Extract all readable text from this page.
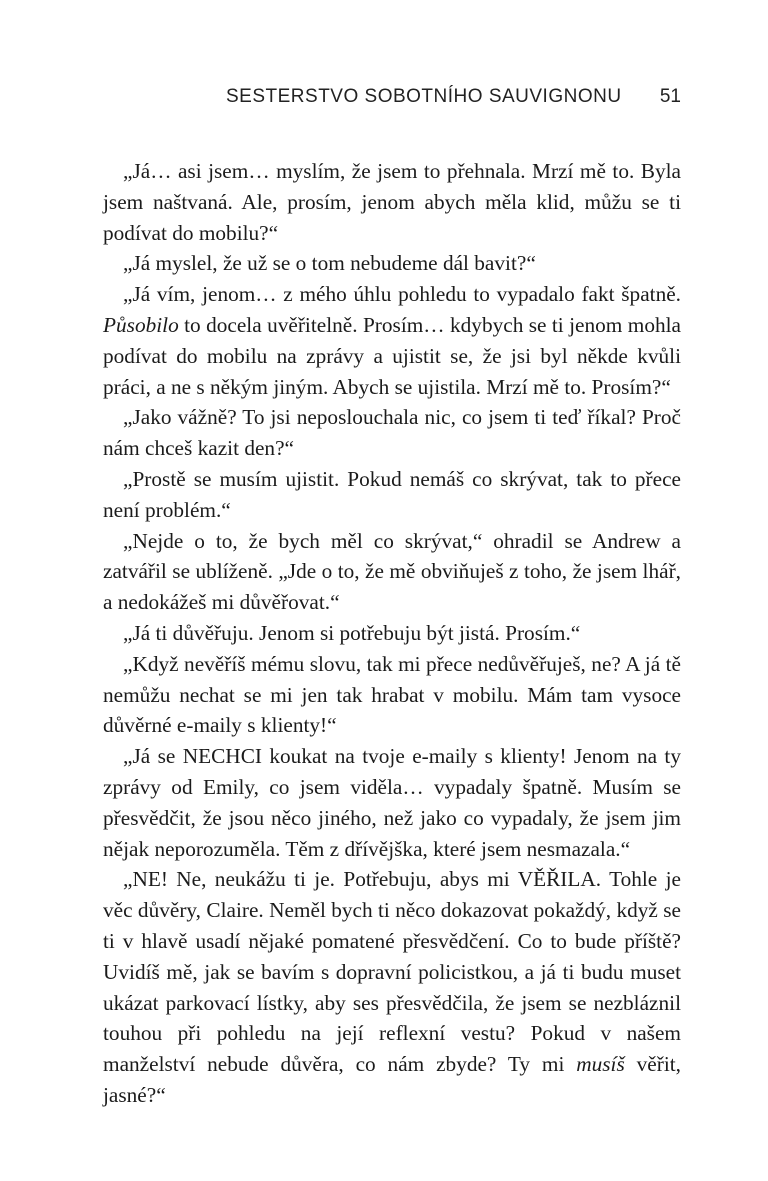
SESTERSTVO SOBOTNÍHO SAUVIGNONU 51

„Já… asi jsem… myslím, že jsem to přehnala. Mrzí mě to. Byla jsem naštvaná. Ale, prosím, jenom abych měla klid, můžu se ti podívat do mobilu?“

„Já myslel, že už se o tom nebudeme dál bavit?“

„Já vím, jenom… z mého úhlu pohledu to vypadalo fakt špatně. Působilo to docela uvěřitelně. Prosím… kdybych se ti jenom mohla podívat do mobilu na zprávy a ujistit se, že jsi byl někde kvůli práci, a ne s někým jiným. Abych se ujistila. Mrzí mě to. Prosím?“

„Jako vážně? To jsi neposlouchala nic, co jsem ti teď říkal? Proč nám chceš kazit den?“

„Prostě se musím ujistit. Pokud nemáš co skrývat, tak to přece není problém.“

„Nejde o to, že bych měl co skrývat,“ ohradil se Andrew a zatvářil se ublíženě. „Jde o to, že mě obviňuješ z toho, že jsem lhář, a nedokážeš mi důvěřovat.“

„Já ti důvěřuju. Jenom si potřebuju být jistá. Prosím.“

„Když nevěříš mému slovu, tak mi přece nedůvěřuješ, ne? A já tě nemůžu nechat se mi jen tak hrabat v mobilu. Mám tam vysoce důvěrné e-maily s klienty!“

„Já se NECHCI koukat na tvoje e-maily s klienty! Jenom na ty zprávy od Emily, co jsem viděla… vypadaly špatně. Musím se přesvědčit, že jsou něco jiného, než jako co vypadaly, že jsem jim nějak neporozuměla. Těm z dřívějška, které jsem nesmazala.“

„NE! Ne, neukážu ti je. Potřebuju, abys mi VĚŘILA. Tohle je věc důvěry, Claire. Neměl bych ti něco dokazovat pokaždý, když se ti v hlavě usadí nějaké pomatené přesvědčení. Co to bude příště? Uvidíš mě, jak se bavím s dopravní policistkou, a já ti budu muset ukázat parkovací lístky, aby ses přesvědčila, že jsem se nezbláznil touhou při pohledu na její reflexní vestu? Pokud v našem manželství nebude důvěra, co nám zbyde? Ty mi musíš věřit, jasné?“
